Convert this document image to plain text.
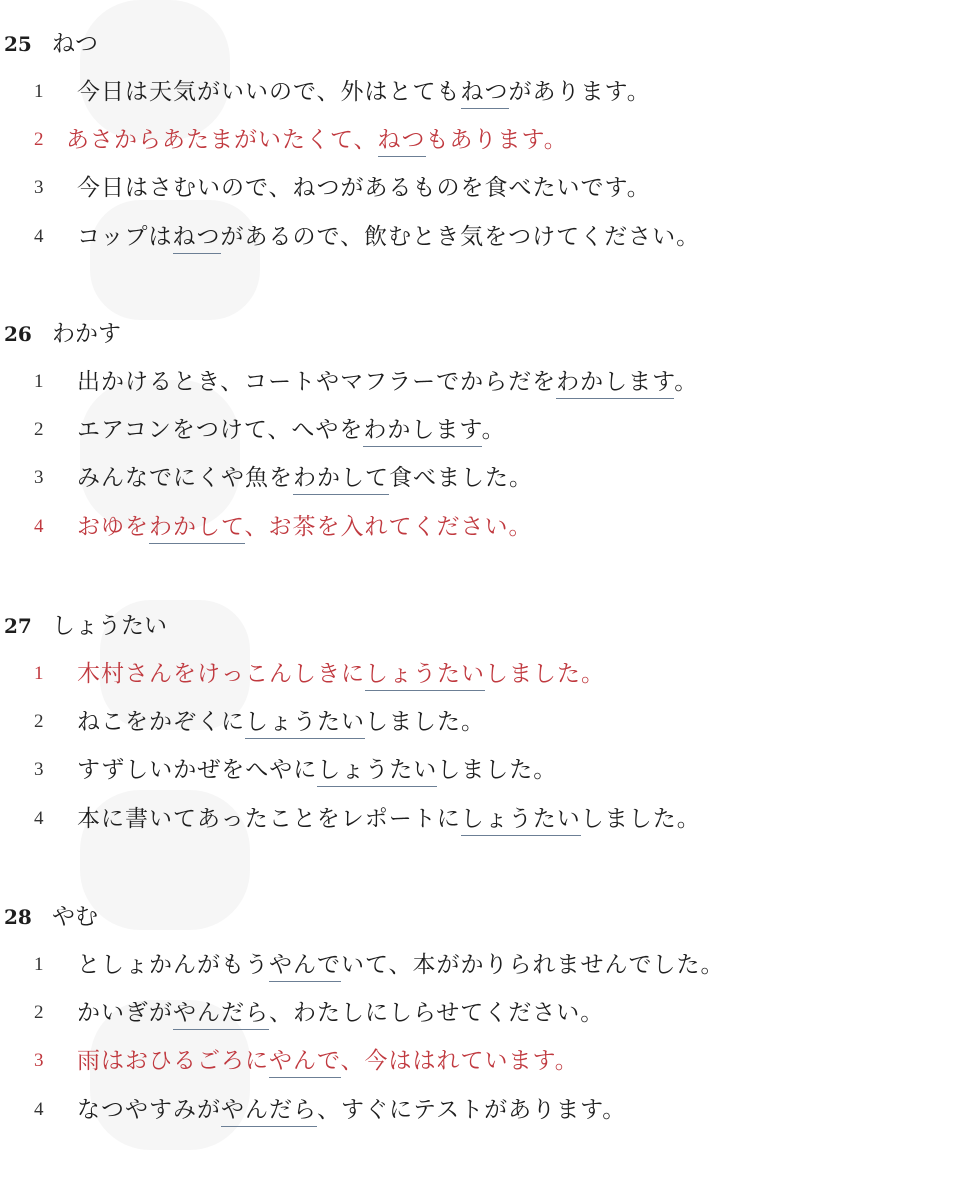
25 ねつ
1 今日は天気がいいので、外はとてもねつがあります。
2 あさからあたまがいたくて、ねつもあります。
3 今日はさむいので、ねつがあるものを食べたいです。
4 コップはねつがあるので、飲むとき気をつけてください。
26 わかす
1 出かけるとき、コートやマフラーでからだをわかします。
2 エアコンをつけて、へやをわかします。
3 みんなでにくや魚をわかして食べました。
4 おゆをわかして、お茶を入れてください。
27 しょうたい
1 木村さんをけっこんしきにしょうたいしました。
2 ねこをかぞくにしょうたいしました。
3 すずしいかぜをへやにしょうたいしました。
4 本に書いてあったことをレポートにしょうたいしました。
28 やむ
1 としょかんがもうやんでいて、本がかりられませんでした。
2 かいぎがやんだら、わたしにしらせてください。
3 雨はおひるごろにやんで、今ははれています。
4 なつやすみがやんだら、すぐにテストがあります。
